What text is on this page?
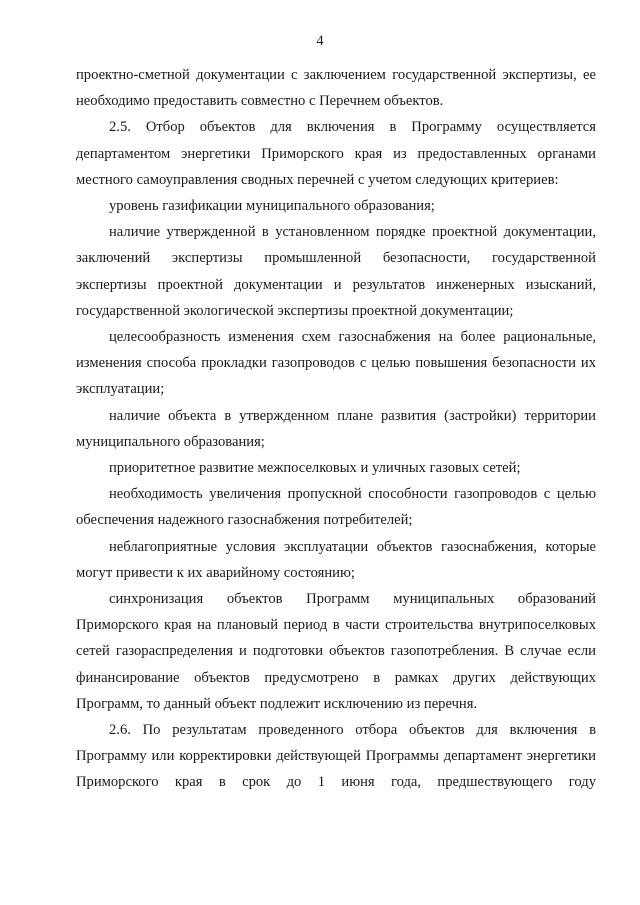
4

проектно-сметной документации с заключением государственной экспертизы, ее необходимо предоставить совместно с Перечнем объектов.

2.5. Отбор объектов для включения в Программу осуществляется департаментом энергетики Приморского края из предоставленных органами местного самоуправления сводных перечней с учетом следующих критериев:

уровень газификации муниципального образования;

наличие утвержденной в установленном порядке проектной документации, заключений экспертизы промышленной безопасности, государственной экспертизы проектной документации и результатов инженерных изысканий, государственной экологической экспертизы проектной документации;

целесообразность изменения схем газоснабжения на более рациональные, изменения способа прокладки газопроводов с целью повышения безопасности их эксплуатации;

наличие объекта в утвержденном плане развития (застройки) территории муниципального образования;

приоритетное развитие межпоселковых и уличных газовых сетей;

необходимость увеличения пропускной способности газопроводов с целью обеспечения надежного газоснабжения потребителей;

неблагоприятные условия эксплуатации объектов газоснабжения, которые могут привести к их аварийному состоянию;

синхронизация объектов Программ муниципальных образований Приморского края на плановый период в части строительства внутрипоселковых сетей газораспределения и подготовки объектов газопотребления. В случае если финансирование объектов предусмотрено в рамках других действующих Программ, то данный объект подлежит исключению из перечня.

2.6. По результатам проведенного отбора объектов для включения в Программу или корректировки действующей Программы департамент энергетики Приморского края в срок до 1 июня года, предшествующего году
